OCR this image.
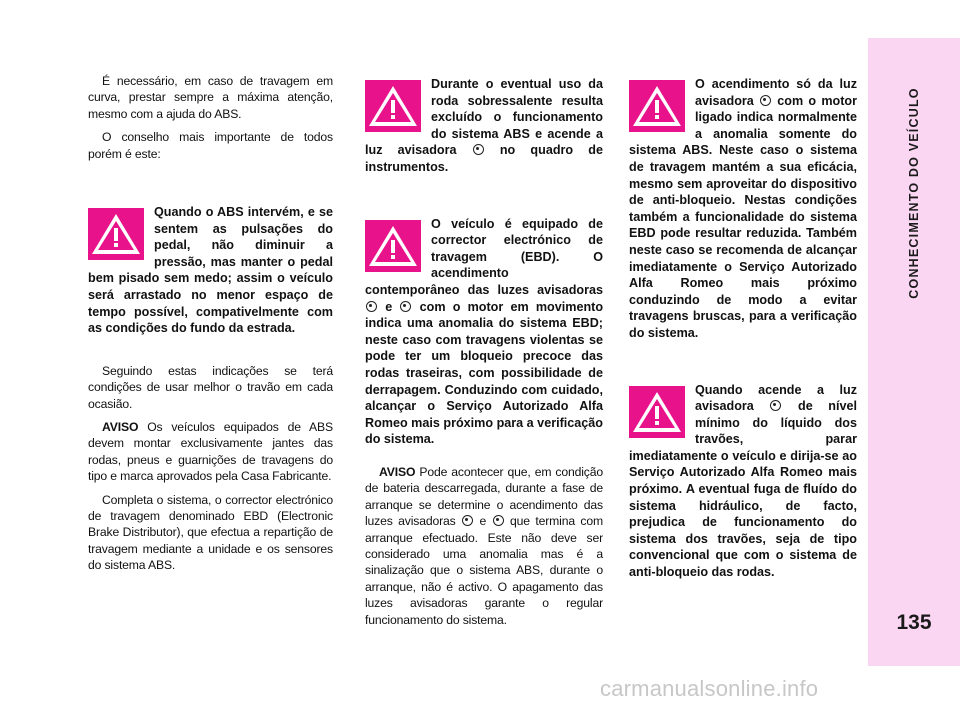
É necessário, em caso de travagem em curva, prestar sempre a máxima atenção, mesmo com a ajuda do ABS.

O conselho mais importante de todos porém é este:

Quando o ABS intervém, e se sentem as pulsações do pedal, não diminuir a pressão, mas manter o pedal bem pisado sem medo; assim o veículo será arrastado no menor espaço de tempo possível, compativelmente com as condições do fundo da estrada.

Seguindo estas indicações se terá condições de usar melhor o travão em cada ocasião.

AVISO Os veículos equipados de ABS devem montar exclusivamente jantes das rodas, pneus e guarnições de travagens do tipo e marca aprovados pela Casa Fabricante.

Completa o sistema, o corrector electrónico de travagem denominado EBD (Electronic Brake Distributor), que efectua a repartição de travagem mediante a unidade e os sensores do sistema ABS.

Durante o eventual uso da roda sobressalente resulta excluído o funcionamento do sistema ABS e acende a luz avisadora	no quadro de instrumentos.
O veículo é equipado de corrector electrónico de travagem (EBD). O acendimento contemporâneo das luzes avisadoras  e com o motor em movimento indica uma anomalia do sistema EBD; neste caso com travagens violentas se pode ter um bloqueio precoce das rodas traseiras, com possibilidade de derrapagem. Conduzindo com cuidado, alcançar o Serviço Autorizado Alfa Romeo mais próximo para a verificação do sistema.

AVISO Pode acontecer que, em condição de bateria descarregada, durante a fase de arranque se determine o acendimento das luzes avisadoras e que termina com arranque efectuado. Este não deve ser considerado uma anomalia mas é a sinalização que o sistema ABS, durante o arranque, não é activo. O apagamento das luzes avisadoras garante o regular funcionamento do sistema.

O acendimento só da luz avisadora com o motor ligado indica normalmente a anomalia somente do sistema ABS. Neste caso o sistema de travagem mantém a sua eficácia, mesmo sem aproveitar do dispositivo de anti-bloqueio. Nestas condições também a funcionalidade do sistema EBD pode resultar reduzida. Também neste caso se recomenda de alcançar imediatamente o Serviço Autorizado Alfa Romeo mais próximo conduzindo de modo a evitar travagens bruscas, para a verificação do sistema.
Quando acende a luz avisadora	de nível mínimo do líquido dos travões, parar imediatamente o veículo e dirija-se ao Serviço Autorizado Alfa Romeo mais próximo. A eventual fuga de fluído do sistema hidráulico, de facto, prejudica de funcionamento do sistema dos travões, seja de tipo convencional que com o sistema de anti-bloqueio das rodas.
CONHECIMENTO DO VEÍCULO
135
carmanualsonline.info
